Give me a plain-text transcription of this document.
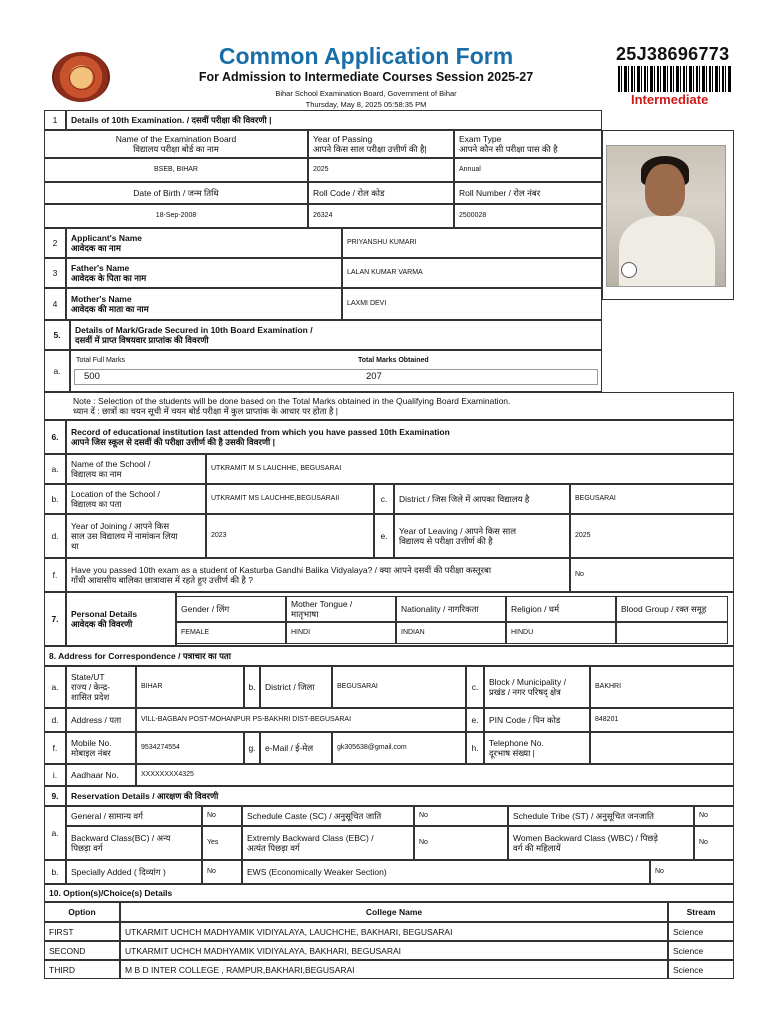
Common Application Form
For Admission to Intermediate Courses Session 2025-27
Bihar School Examination Board, Government of Bihar
Thursday, May 8, 2025 05:58:35 PM
25J38696773
Intermediate
1	Details of 10th Examination. / दसवीं परीक्षा की विवरणी |
Name of the Examination Board
विद्यालय परीक्षा बोर्ड का नाम
Year of Passing
आपने किस साल परीक्षा उत्तीर्ण की है|
Exam Type
आपने कौन सी परीक्षा पास की है
BSEB, BIHAR	2025	Annual
Date of Birth / जन्म तिथि	Roll Code / रोल कोड	Roll Number / रोल नंबर
18-Sep-2008	26324	2500028
2	Applicant's Name
आवेदक का नाम
PRIYANSHU KUMARI
3	Father's Name
आवेदक के पिता का नाम
LALAN KUMAR VARMA
4	Mother's Name
आवेदक की माता का नाम
LAXMI DEVI
5.	Details of Mark/Grade Secured in 10th Board Examination /
दसवीं में प्राप्त विषयवार प्राप्तांक की विवरणी
a.
Total Full Marks	Total Marks Obtained
500	207
Note : Selection of the students will be done based on the Total Marks obtained in the Qualifying Board Examination.
ध्यान दें : छात्रों का चयन सूची में चयन बोर्ड परीक्षा में कुल प्राप्तांक के आधार पर होता है |
6.	Record of educational institution last attended from which you have passed 10th Examination
आपने जिस स्कूल से दसवीं की परीक्षा उत्तीर्ण की है उसकी विवरणी |
a.	Name of the School /
विद्यालय का नाम
UTKRAMIT M S LAUCHHE, BEGUSARAI
b.	Location of the School /
विद्यालय का पता
UTKRAMIT MS LAUCHHE,BEGUSARAII	c.	District / जिस जिले में आपका विद्यालय है	BEGUSARAI
d.
Year of Joining / आपने किस
साल उस विद्यालय में नामांकन लिया
था
2023	e.	Year of Leaving / आपने किस साल
विद्यालय से परीक्षा उत्तीर्ण की है
2025
f.	Have you passed 10th exam as a student of Kasturba Gandhi Balika Vidyalaya? / क्या आपने दसवीं की परीक्षा कस्तूरबा
गाँधी आवासीय बालिका छात्रावास में रहते हुए उत्तीर्ण की है ?
No
7.	Personal Details
आवेदक की विवरणी
Gender / लिंग	Mother Tongue /
मातृभाषा	Nationality / नागरिकता	Religion / धर्म	Blood Group / रक्त समूह
FEMALE	HINDI	INDIAN	HINDU
8. Address for Correspondence / पत्राचार का पता
a.
State/UT
राज्य / केन्द्र-
शासित प्रदेश
BIHAR	b.	District / जिला	BEGUSARAI	c.	Block / Municipality /
प्रखंड / नगर परिषद् क्षेत्र
BAKHRI
d.	Address / पता	VILL-BAGBAN POST-MOHANPUR PS-BAKHRI DIST-BEGUSARAI	e.	PIN Code / पिन कोड	848201
f.	Mobile No.
मोबाइल नंबर
9534274554	g.	e-Mail / ई-मेल	gk305638@gmail.com	h.	Telephone No.
दूरभाष संख्या |
i.	Aadhaar No.	XXXXXXXX4325
9.	Reservation Details / आरक्षण की विवरणी
a.
General / सामान्य वर्ग	No	Schedule Caste (SC) / अनुसूचित जाति	No	Schedule Tribe (ST) / अनुसूचित जनजाति	No
Backward Class(BC) / अन्य
पिछड़ा वर्ग
Yes	Extremly Backward Class (EBC) /
अत्यंत पिछड़ा वर्ग
No	Women Backward Class (WBC) / पिछड़े
वर्ग की महिलायें
No
b.	Specially Added ( दिव्यांग )	No	EWS (Economically Weaker Section)	No
10. Option(s)/Choice(s) Details
Option	College Name	Stream
FIRST	UTKARMIT UCHCH MADHYAMIK VIDIYALAYA, LAUCHCHE, BAKHARI, BEGUSARAI	Science
SECOND	UTKARMIT UCHCH MADHYAMIK VIDIYALAYA, BAKHARI, BEGUSARAI	Science
THIRD	M B D INTER COLLEGE , RAMPUR,BAKHARI,BEGUSARAI	Science
